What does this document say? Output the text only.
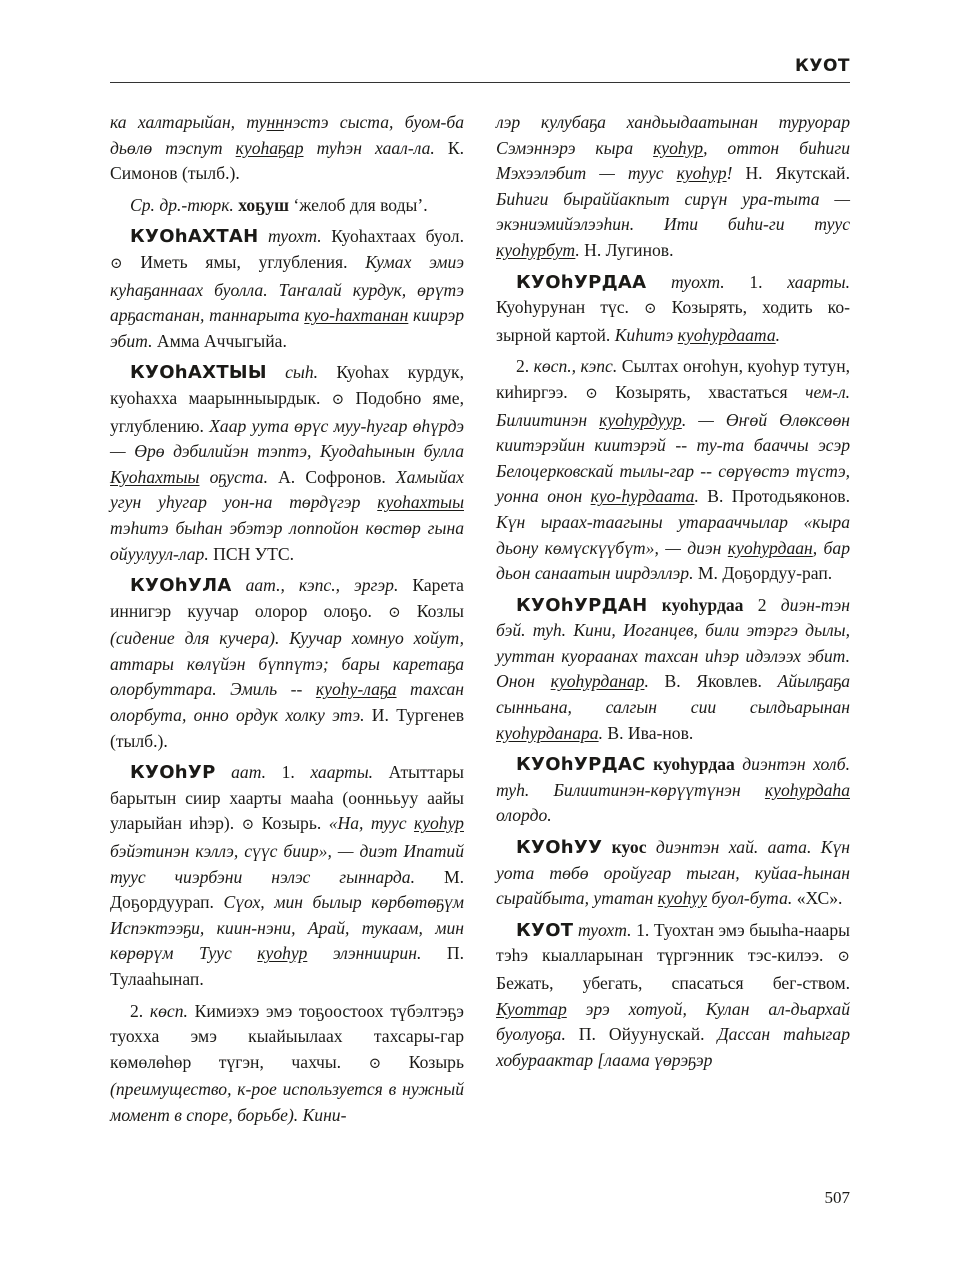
КУОТ

ка халтарыйан, тунннэстэ сыста, буом-ба дьөлө тэспут куоhаҕар туhэн хаал-ла. К. Симонов (тылб.).

Ср. др.-тюрк. хоҕуш ‘желоб для воды’.

КУОhАХТАН туохт. Куоhахтаах буол. ⊙ Иметь ямы, углубления. Кумах эмиэ куhаҕаннаах буолла. Таҥалай курдук, өрүтэ арҕастанан, таннарыта куо-hахтанан киирэр эбит. Амма Аччыгыйа.

КУОhАХТЫЫ сыh. Куоhах курдук, куоhахха маарынныырдык. ⊙ Подобно яме, углублению. Хаар уута өрүс муу-hугар өhүрдэ — Өрө дэбилийэн тэптэ, Куодаhынын булла Куоhахтыы оҕуста. А. Софронов. Хамыйах угун уhугар уон-на төрдүгэр куоhахтыы тэhитэ быhан эбэтэр лоппойон көстөр гына ойуулуул-лар. ПСН УТС.

КУОhУЛА аат., кэпс., эргэр. Карета иннигэр куучар олорор олоҕо. ⊙ Козлы (сидение для кучера). Куучар хомнуо хойут, аттары көлүйэн бүппүтэ; бары каретаҕа олорбуттара. Эмиль -- куоhу-лаҕа тахсан олорбута, онно ордук холку этэ. И. Тургенев (тылб.).

КУОhУР аат. 1. хаарты. Атыттары барытын сиир хаарты мааhа (ооннььуу аайы уларыйан иhэр). ⊙ Козырь. «Hа, туус куоhур бэйэтинэн кэллэ, сүүс биир», — диэт Ипатий туус чиэрбэни нэлэс гыннарда. М. Доҕордуурап. Сүох, мин былыр көрбөтөҕүм Испэктээҕи, киин-нэни, Арай, тукаам, мин көрөрүм Туус куоhур элэнниирин. П. Тулааhынап.

2. көсп. Кимиэхэ эмэ тоҕоостоох түбэлтэҕэ туохха эмэ кыайыылаах тахсары-гар көмөлөhөр түгэн, чахчы. ⊙ Козырь (преимущество, к-рое используется в нужный момент в споре, борьбе). Кини-

лэр кулубаҕа хандьыдаатынан туруорар Сэмэннэрэ кыра куоhур, оттон биhиги Мэхээлэбит — туус куоhур! Н. Якутскай. Биhиги быраййакпыт сирүн ура-тыта — экэниэмийэлээhин. Ити биhи-ги туус куоhурбут. Н. Лугинов.

КУОhУРДАА туохт. 1. хаарты. Куоhурунан түс. ⊙ Козырять, ходить ко-зырной картой. Киhитэ куоhурдаата.

2. көсп., кэпс. Сылтах оҥоhун, куоhур тутун, киhиргээ. ⊙ Козырять, хвастаться чем-л. Билиитинэн куоhурдуур. — Өҥөй Өлөксөөн киитэрэйин киитэрэй -- ту-та бааччы эсэр Белоцерковскай тылы-гар -- сөрүөстэ түстэ, уонна онон куо-hурдаата. В. Протодьяконов. Күн ыраах-таагыны утарааччылар «кыра дьону көмүскүүбүт», — диэн куоhурдаан, бар дьон санаатын иирдэллэр. М. Доҕордуу-рап.

КУОhУРДАН куоhурдаа 2 диэн-тэн бэй. туh. Кини, Иоганцев, били этэргэ дылы, ууттан куораанах тахсан иhэр идэлээх эбит. Онон куоhурданар. В. Яковлев. Айылҕаҕа сынньана, салгын сии сылдьарынан куоhурданара. В. Ива-нов.

КУОhУРДАС куоhурдаа диэнтэн холб. туh. Билиитинэн-көрүүтүнэн куоhурдаhа олордо.

КУОhУУ куос диэнтэн хай. аата. Күн уота төбө оройугар тыган, куйаа-hынан сырайбыта, утатан куоhуу буол-бута. «ХС».

КУОТ туохт. 1. Туохтан эмэ быыhа-наары тэhэ кыалларынан түргэнник тэс-килээ. ⊙ Бежать, убегать, спасаться бег-ством. Куоттар эрэ хотуой, Кулан ал-дьархай буолуоҕа. П. Ойуунускай. Дассан таhыгар хобураактар [лаама үөрэҕэр

507
